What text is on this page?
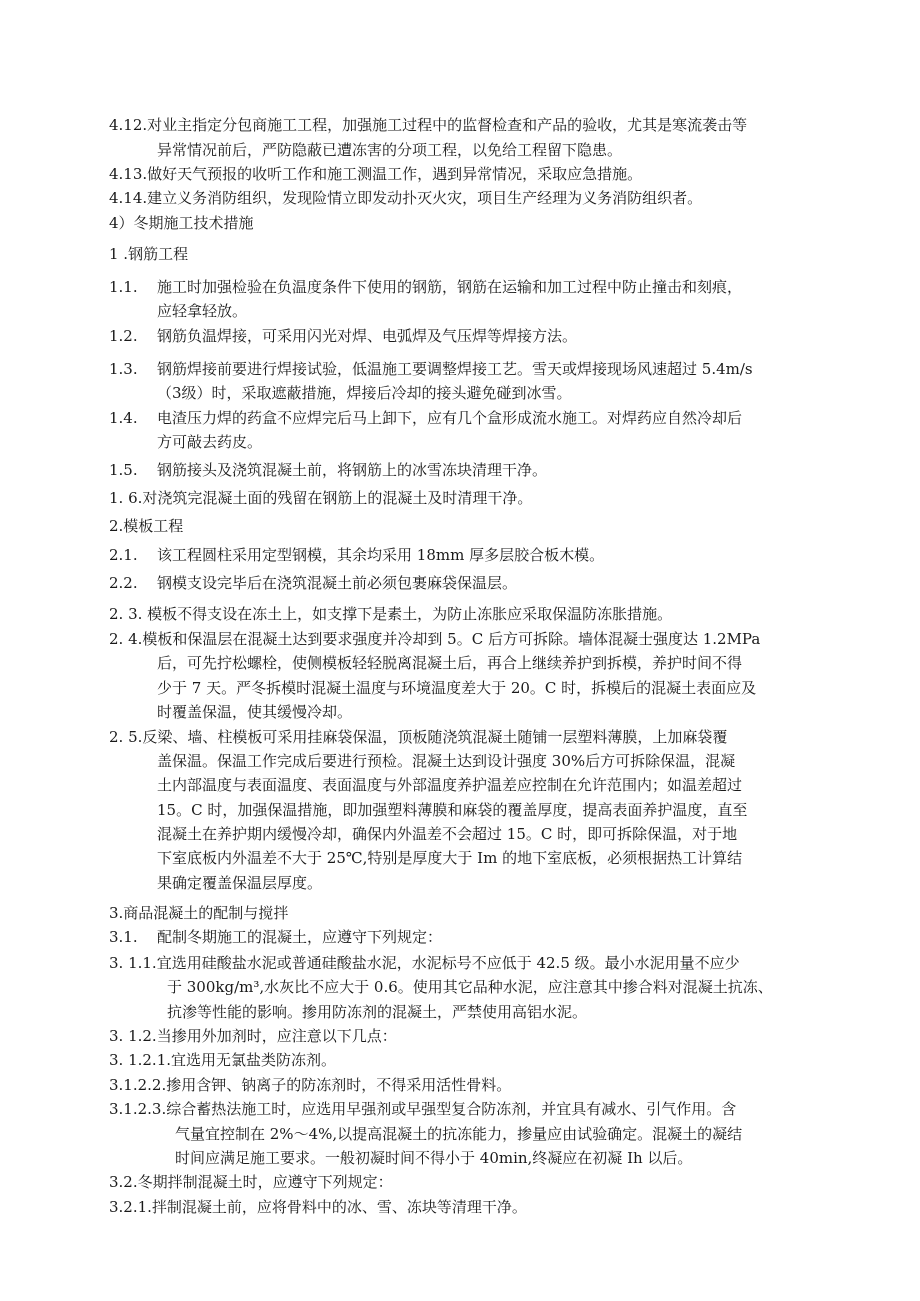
4.12.对业主指定分包商施工工程，加强施工过程中的监督检查和产品的验收，尤其是寒流袭击等
异常情况前后，严防隐蔽已遭冻害的分项工程，以免给工程留下隐患。
4.13.做好天气预报的收听工作和施工测温工作，遇到异常情况，采取应急措施。
4.14.建立义务消防组织，发现险情立即发动扑灭火灾，项目生产经理为义务消防组织者。
4）冬期施工技术措施
1 .钢筋工程
1.1. 施工时加强检验在负温度条件下使用的钢筋，钢筋在运输和加工过程中防止撞击和刻痕，
应轻拿轻放。
1.2. 钢筋负温焊接，可采用闪光对焊、电弧焊及气压焊等焊接方法。
1.3. 钢筋焊接前要进行焊接试验，低温施工要调整焊接工艺。雪天或焊接现场风速超过 5.4m∕s
（3级）时，采取遮蔽措施，焊接后冷却的接头避免碰到冰雪。
1.4. 电渣压力焊的药盒不应焊完后马上卸下，应有几个盒形成流水施工。对焊药应自然冷却后
方可敲去药皮。
1.5. 钢筋接头及浇筑混凝土前，将钢筋上的冰雪冻块清理干净。
1. 6.对浇筑完混凝土面的残留在钢筋上的混凝土及时清理干净。
2.模板工程
2.1. 该工程圆柱采用定型钢模，其余均采用 18mm 厚多层胶合板木模。
2.2. 钢模支设完毕后在浇筑混凝土前必须包裹麻袋保温层。
2. 3. 模板不得支设在冻土上，如支撑下是素土，为防止冻胀应采取保温防冻胀措施。
2. 4.模板和保温层在混凝土达到要求强度并冷却到 5。C 后方可拆除。墙体混凝士强度达 1.2MPa
后，可先拧松螺栓，使侧模板轻轻脱离混凝土后，再合上继续养护到拆模，养护时间不得
少于 7 天。严冬拆模时混凝土温度与环境温度差大于 20。C 时，拆模后的混凝土表面应及
时覆盖保温，使其缓慢冷却。
2. 5.反梁、墙、柱模板可采用挂麻袋保温，顶板随浇筑混凝土随铺一层塑料薄膜，上加麻袋覆
盖保温。保温工作完成后要进行预检。混凝土达到设计强度 30%后方可拆除保温，混凝
土内部温度与表面温度、表面温度与外部温度养护温差应控制在允许范围内；如温差超过
15。C 时，加强保温措施，即加强塑料薄膜和麻袋的覆盖厚度，提高表面养护温度，直至
混凝土在养护期内缓慢冷却，确保内外温差不会超过 15。C 时，即可拆除保温，对于地
下室底板内外温差不大于 25℃,特别是厚度大于 Im 的地下室底板，必须根据热工计算结
果确定覆盖保温层厚度。
3.商品混凝土的配制与搅拌
3.1. 配制冬期施工的混凝土，应遵守下列规定：
3. 1.1.宜选用硅酸盐水泥或普通硅酸盐水泥，水泥标号不应低于 42.5 级。最小水泥用量不应少
于 300kg∕m³,水灰比不应大于 0.6。使用其它品种水泥，应注意其中掺合料对混凝土抗冻、
抗渗等性能的影响。掺用防冻剂的混凝土，严禁使用高铝水泥。
3. 1.2.当掺用外加剂时，应注意以下几点：
3. 1.2.1.宜选用无氯盐类防冻剂。
3.1.2.2.掺用含钾、钠离子的防冻剂时，不得采用活性骨料。
3.1.2.3.综合蓄热法施工时，应选用早强剂或早强型复合防冻剂，并宜具有减水、引气作用。含
气量宜控制在 2%～4%,以提高混凝土的抗冻能力，掺量应由试验确定。混凝土的凝结
时间应满足施工要求。一般初凝时间不得小于 40min,终凝应在初凝 Ih 以后。
3.2.冬期拌制混凝土时，应遵守下列规定：
3.2.1.拌制混凝土前，应将骨料中的冰、雪、冻块等清理干净。
